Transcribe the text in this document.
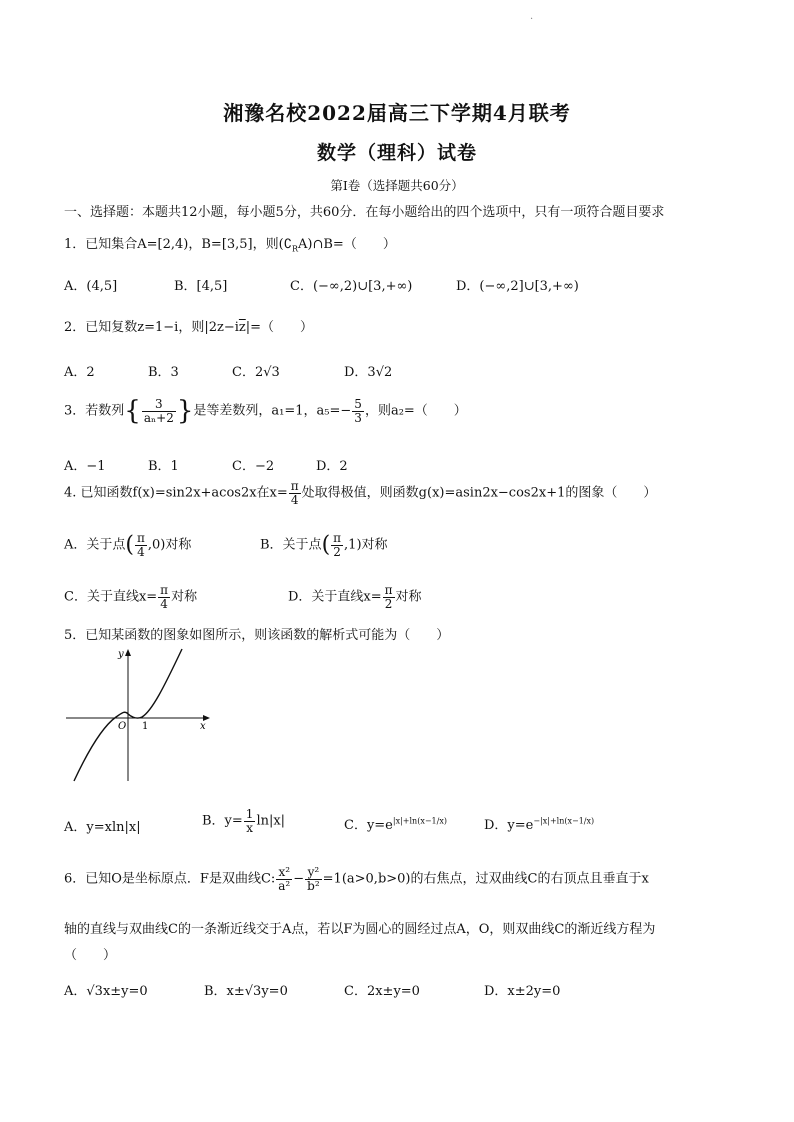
·
湘豫名校2022届高三下学期4月联考
数学（理科）试卷
第Ⅰ卷（选择题共60分）
一、选择题：本题共12小题，每小题5分，共60分．在每小题给出的四个选项中，只有一项符合题目要求
1．已知集合A=[2,4)，B=[3,5]，则$(∁_RA)\cap B=$（　　）
A．(4,5]	B．[4,5]	C．(−∞,2)∪[3,+∞)	D．(−∞,2]∪[3,+∞)
2．已知复数z=1−i，则$|2z-i\overline{z}|=$（　　）
A．2	B．3	C．2√3	D．3√2
3．若数列{ $\frac{3}{\text{aₙ+2}}$ }是等差数列，a₁=1，$a_5=- \frac{5}{3}$ ，则a₂=（　　）
A．−1	B．1	C．−2	D．2
4. 已知函数f(x)=sin2x+acos2x在$x= \frac{\pi}{4}$ 处取得极值，则函数g(x)=asin2x−cos2x+1的图象（　　）
A．关于点( $\frac{\pi}{4} ,0$)对称	B．关于点( $\frac{\pi}{2} ,1$)对称
C．关于直线$x= \frac{\pi}{4}$ 对称	D．关于直线$x= \frac{\pi}{2}$ 对称
5．已知某函数的图象如图所示，则该函数的解析式可能为（　　）
y
x
O 1
A．y=xln|x|	B．$y= \frac{1}{x} \ln|x|$	C．$y=e^{|x|+ln(x-1/x)}$	D．$y=e^{-|x|+ln(x-1/x)}$
6．已知O是坐标原点．F是双曲线C: $\frac{\text{x²}}{\text{a²}} - \frac{\text{y²}}{\text{b²}} =1(a>0,b>0)$的右焦点，过双曲线C的右顶点且垂直于x
轴的直线与双曲线C的一条渐近线交于A点，若以F为圆心的圆经过点A，O，则双曲线C的渐近线方程为
（　　）
A．√3x±y=0	B．x±√3y=0	C．2x±y=0	D．x±2y=0
